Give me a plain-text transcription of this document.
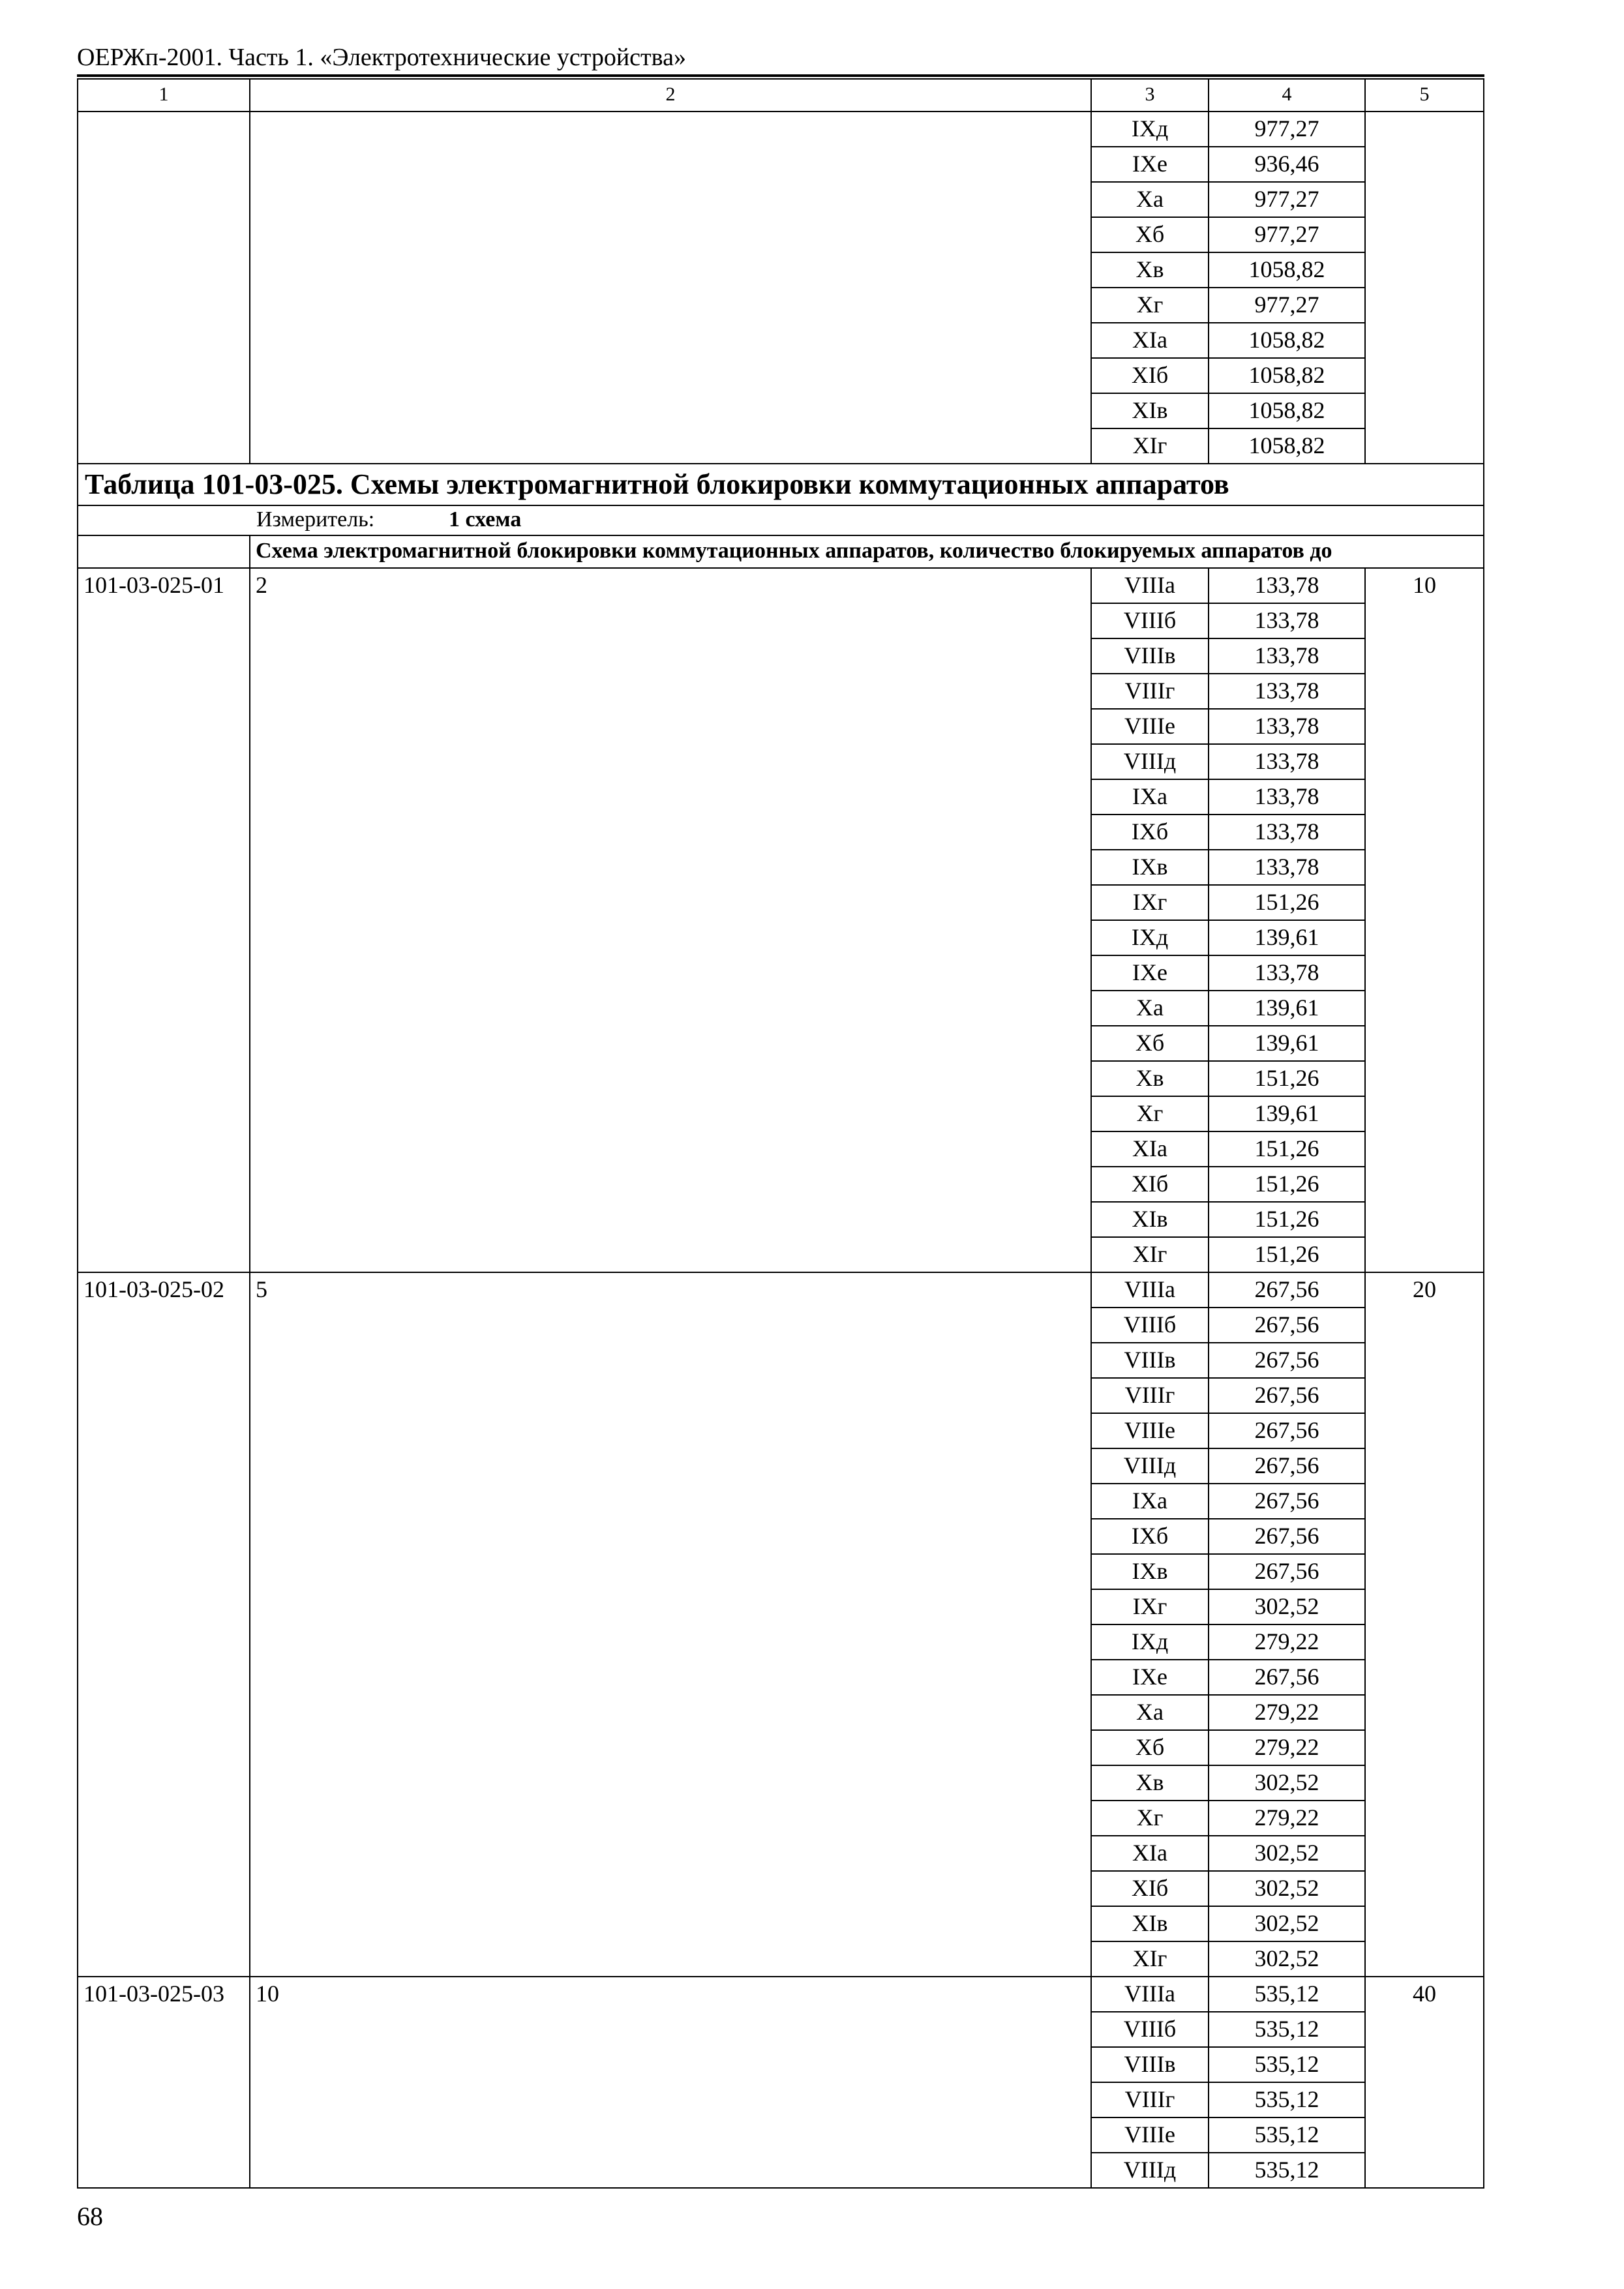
ОЕРЖп-2001. Часть 1. «Электротехнические устройства»
1	2	3	4	5
		IXд	977,27	
		IXе	936,46	
		Xа	977,27	
		Xб	977,27	
		Xв	1058,82	
		Xг	977,27	
		XIа	1058,82	
		XIб	1058,82	
		XIв	1058,82	
		XIг	1058,82	
Таблица 101-03-025. Схемы электромагнитной блокировки коммутационных аппаратов				
Измеритель: 1 схема				
	Схема электромагнитной блокировки коммутационных аппаратов, количество блокируемых аппаратов до			
101-03-025-01	2	VIIIа	133,78	10
		VIIIб	133,78	
		VIIIв	133,78	
		VIIIг	133,78	
		VIIIе	133,78	
		VIIIд	133,78	
		IXа	133,78	
		IXб	133,78	
		IXв	133,78	
		IXг	151,26	
		IXд	139,61	
		IXе	133,78	
		Xа	139,61	
		Xб	139,61	
		Xв	151,26	
		Xг	139,61	
		XIа	151,26	
		XIб	151,26	
		XIв	151,26	
		XIг	151,26	
101-03-025-02	5	VIIIа	267,56	20
		VIIIб	267,56	
		VIIIв	267,56	
		VIIIг	267,56	
		VIIIе	267,56	
		VIIIд	267,56	
		IXа	267,56	
		IXб	267,56	
		IXв	267,56	
		IXг	302,52	
		IXд	279,22	
		IXе	267,56	
		Xа	279,22	
		Xб	279,22	
		Xв	302,52	
		Xг	279,22	
		XIа	302,52	
		XIб	302,52	
		XIв	302,52	
		XIг	302,52	
101-03-025-03	10	VIIIа	535,12	40
		VIIIб	535,12	
		VIIIв	535,12	
		VIIIг	535,12	
		VIIIе	535,12	
		VIIIд	535,12	
68
